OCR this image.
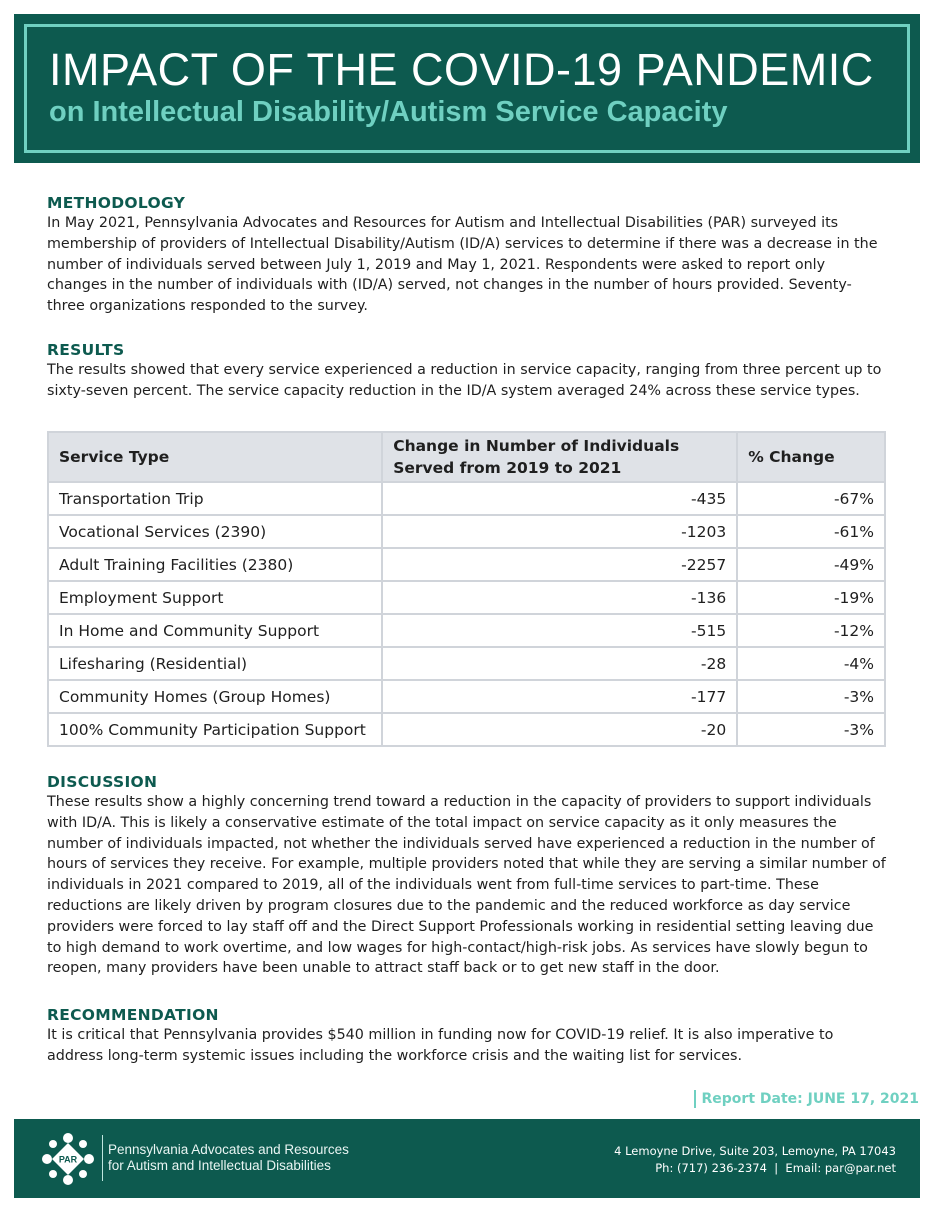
IMPACT OF THE COVID-19 PANDEMIC
on Intellectual Disability/Autism Service Capacity
METHODOLOGY
In May 2021, Pennsylvania Advocates and Resources for Autism and Intellectual Disabilities (PAR) surveyed its membership of providers of Intellectual Disability/Autism (ID/A) services to determine if there was a decrease in the number of individuals served between July 1, 2019 and May 1, 2021. Respondents were asked to report only changes in the number of individuals with (ID/A) served, not changes in the number of hours provided. Seventy-three organizations responded to the survey.
RESULTS
The results showed that every service experienced a reduction in service capacity, ranging from three percent up to sixty-seven percent. The service capacity reduction in the ID/A system averaged 24% across these service types.
Service Type	Change in Number of Individuals Served from 2019 to 2021	% Change
Transportation Trip	-435	-67%
Vocational Services (2390)	-1203	-61%
Adult Training Facilities (2380)	-2257	-49%
Employment Support	-136	-19%
In Home and Community Support	-515	-12%
Lifesharing (Residential)	-28	-4%
Community Homes (Group Homes)	-177	-3%
100% Community Participation Support	-20	-3%
DISCUSSION
These results show a highly concerning trend toward a reduction in the capacity of providers to support individuals with ID/A. This is likely a conservative estimate of the total impact on service capacity as it only measures the number of individuals impacted, not whether the individuals served have experienced a reduction in the number of hours of services they receive. For example, multiple providers noted that while they are serving a similar number of individuals in 2021 compared to 2019, all of the individuals went from full-time services to part-time. These reductions are likely driven by program closures due to the pandemic and the reduced workforce as day service providers were forced to lay staff off and the Direct Support Professionals working in residential setting leaving due to high demand to work overtime, and low wages for high-contact/high-risk jobs. As services have slowly begun to reopen, many providers have been unable to attract staff back or to get new staff in the door.
RECOMMENDATION
It is critical that Pennsylvania provides $540 million in funding now for COVID-19 relief. It is also imperative to address long-term systemic issues including the workforce crisis and the waiting list for services.
Report Date: JUNE 17, 2021
PAR
Pennsylvania Advocates and Resources
for Autism and Intellectual Disabilities
4 Lemoyne Drive, Suite 203, Lemoyne, PA 17043
Ph: (717) 236-2374  |  Email: par@par.net
